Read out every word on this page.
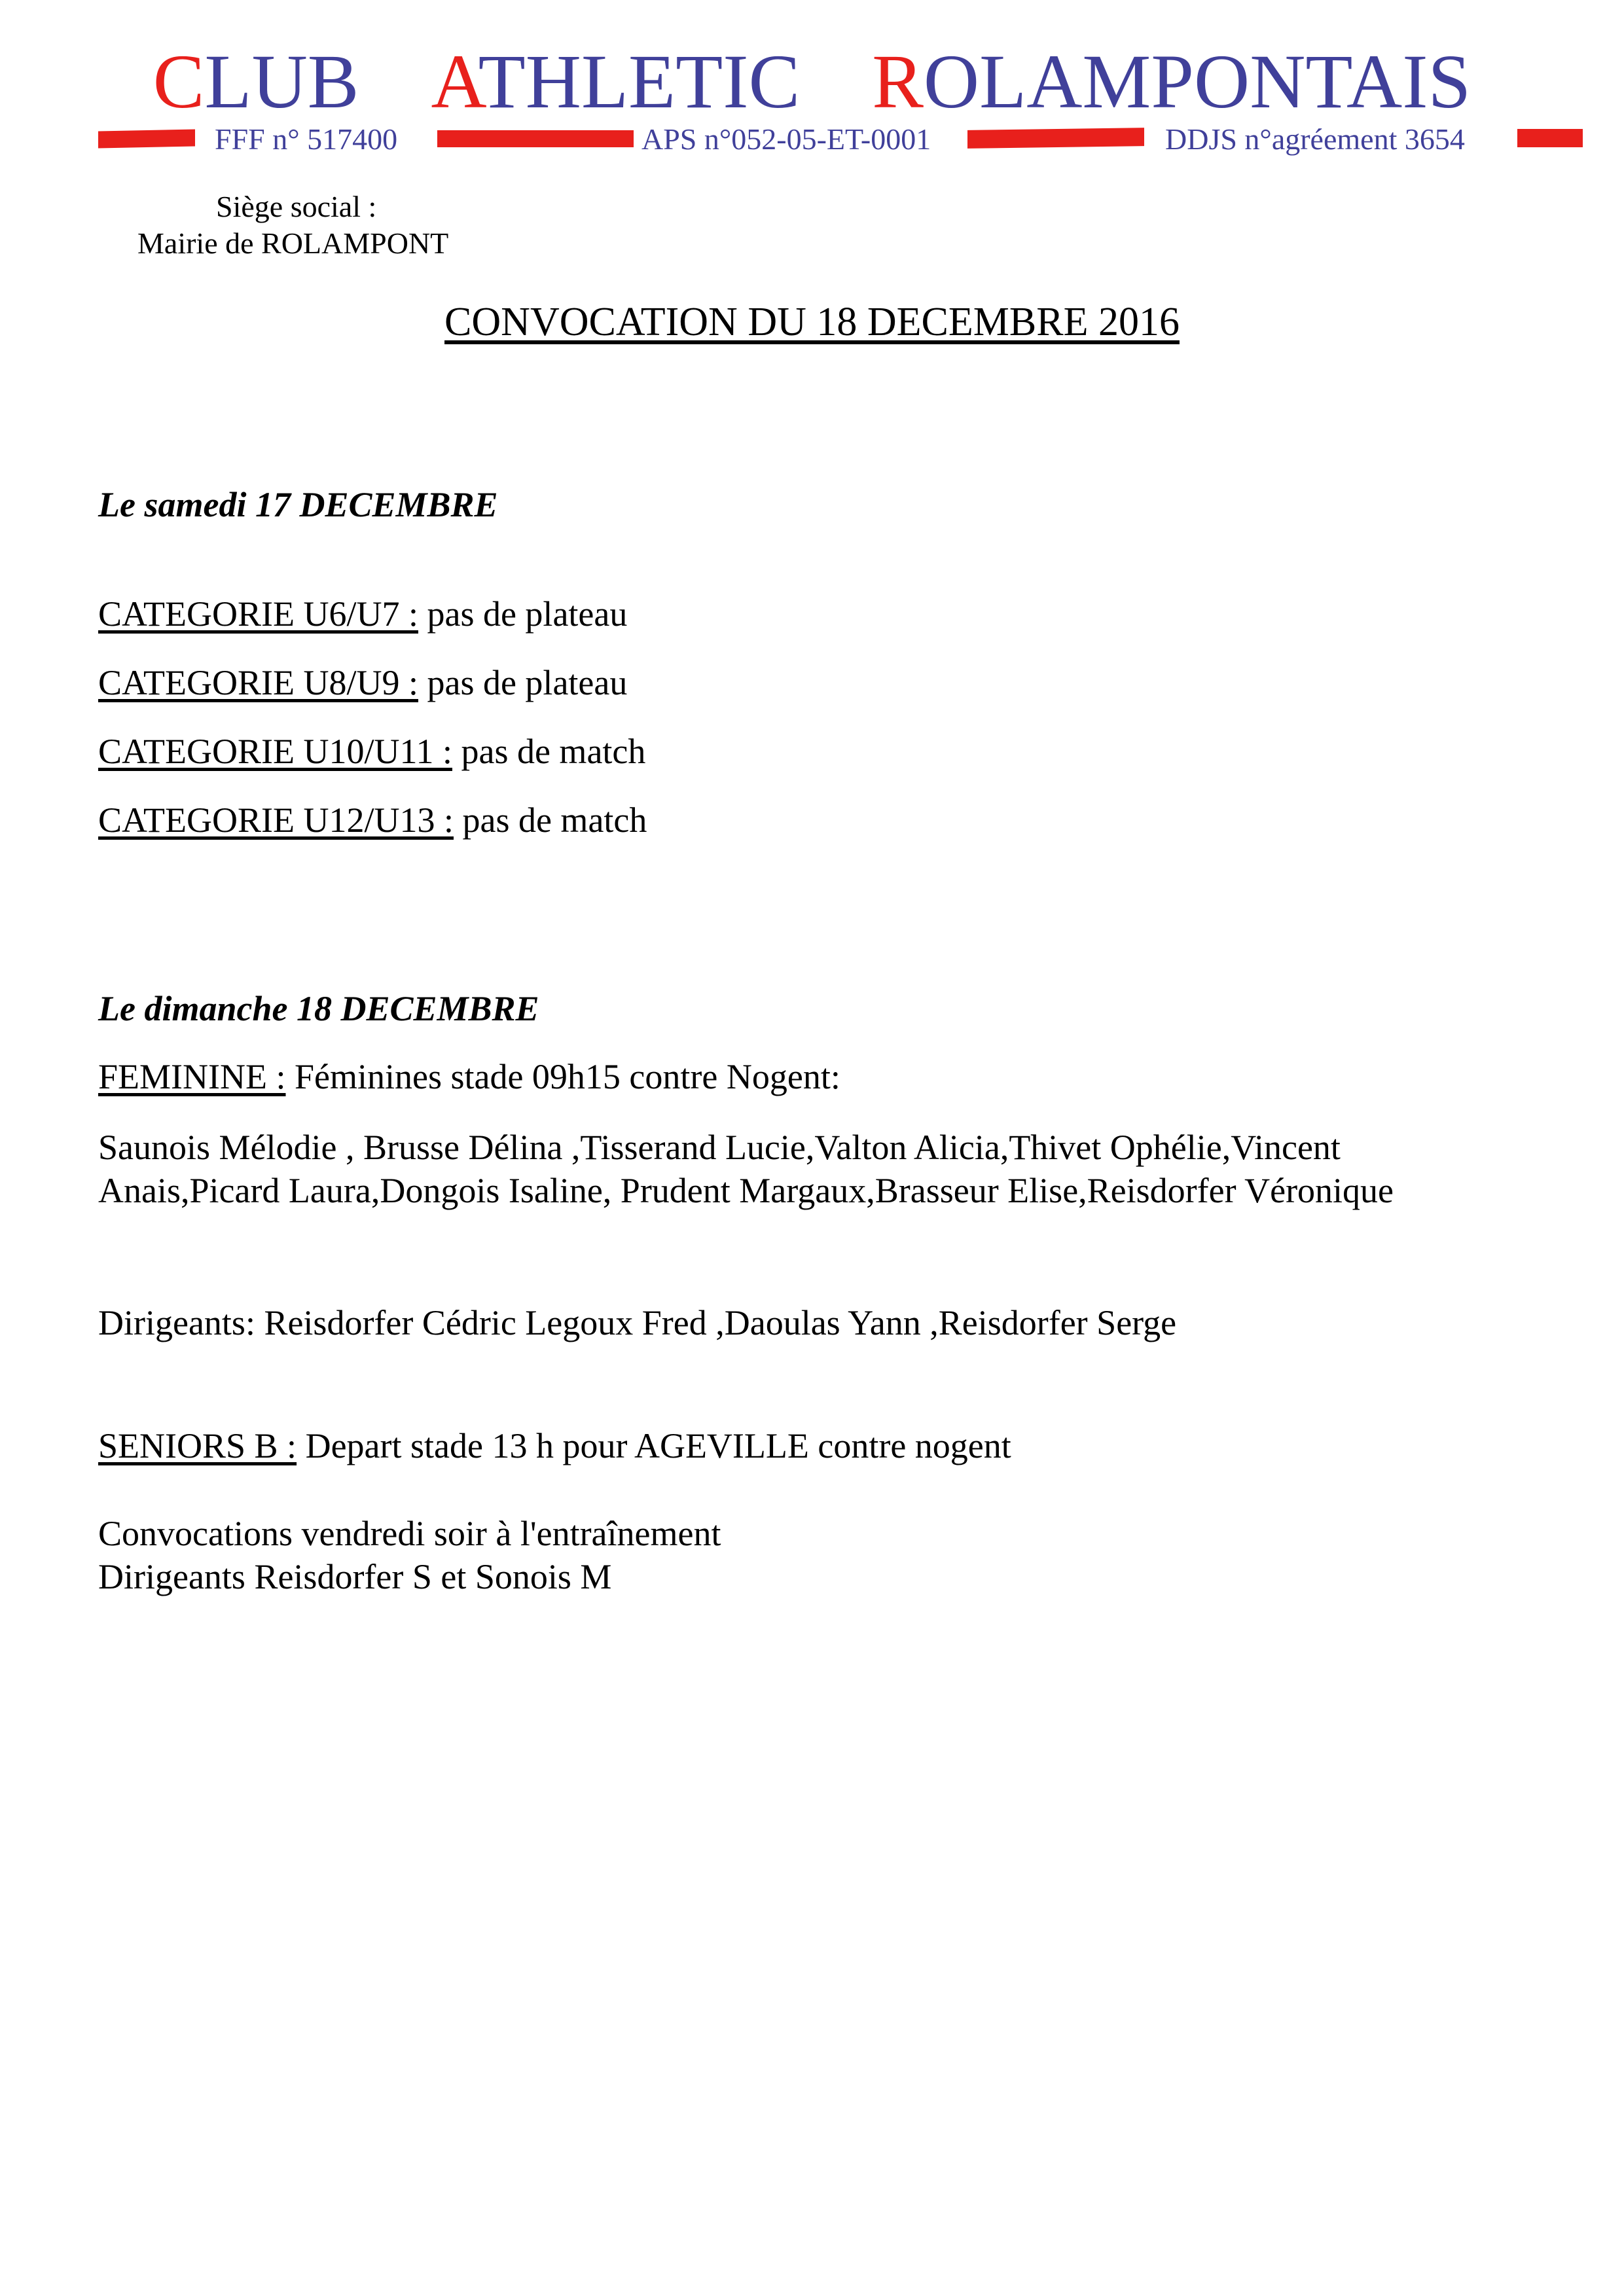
CLUB ATHLETIC ROLAMPONTAIS
FFF n° 517400	APS n°052-05-ET-0001	DDJS n°agréement 3654
Siège social :
Mairie de ROLAMPONT
CONVOCATION DU 18 DECEMBRE 2016
Le samedi 17 DECEMBRE
CATEGORIE U6/U7 : pas de plateau
CATEGORIE U8/U9 : pas de plateau
CATEGORIE U10/U11 : pas de match
CATEGORIE U12/U13 : pas de match
Le dimanche 18 DECEMBRE
FEMININE : Féminines stade 09h15 contre Nogent:
Saunois Mélodie , Brusse Délina ,Tisserand Lucie,Valton Alicia,Thivet Ophélie,Vincent
Anais,Picard Laura,Dongois Isaline, Prudent Margaux,Brasseur Elise,Reisdorfer Véronique
Dirigeants: Reisdorfer Cédric Legoux Fred ,Daoulas Yann ,Reisdorfer Serge
SENIORS B : Depart stade 13 h pour AGEVILLE contre nogent
Convocations vendredi soir à l'entraînement
Dirigeants Reisdorfer S et Sonois M
